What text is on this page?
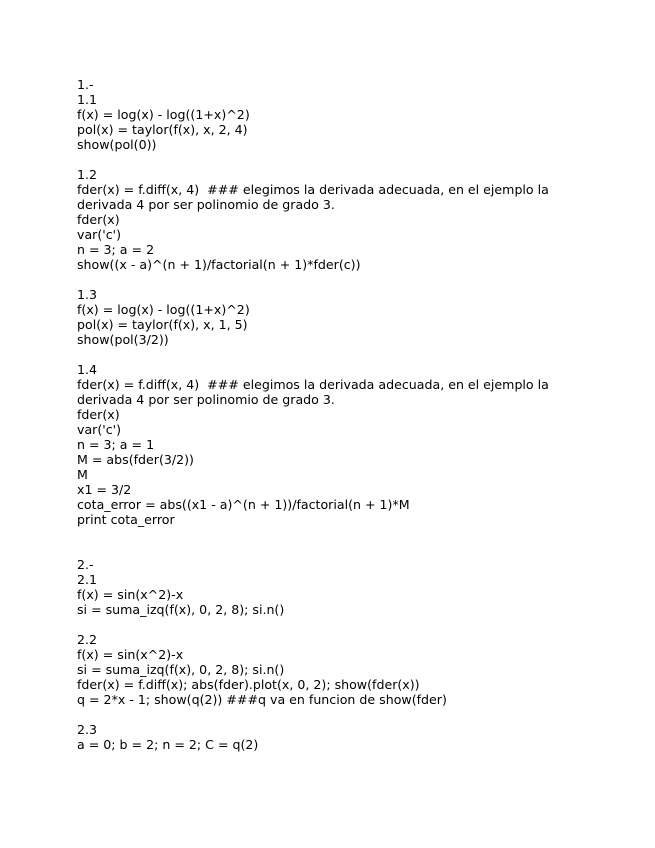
1.-
1.1
f(x) = log(x) - log((1+x)^2)
pol(x) = taylor(f(x), x, 2, 4)
show(pol(0))
1.2
fder(x) = f.diff(x, 4)  ### elegimos la derivada adecuada, en el ejemplo la derivada 4 por ser polinomio de grado 3.
fder(x)
var('c')
n = 3; a = 2
show((x - a)^(n + 1)/factorial(n + 1)*fder(c))
1.3
f(x) = log(x) - log((1+x)^2)
pol(x) = taylor(f(x), x, 1, 5)
show(pol(3/2))
1.4
fder(x) = f.diff(x, 4)  ### elegimos la derivada adecuada, en el ejemplo la derivada 4 por ser polinomio de grado 3.
fder(x)
var('c')
n = 3; a = 1
M = abs(fder(3/2))
M
x1 = 3/2
cota_error = abs((x1 - a)^(n + 1))/factorial(n + 1)*M
print cota_error
2.-
2.1
f(x) = sin(x^2)-x
si = suma_izq(f(x), 0, 2, 8); si.n()
2.2
f(x) = sin(x^2)-x
si = suma_izq(f(x), 0, 2, 8); si.n()
fder(x) = f.diff(x); abs(fder).plot(x, 0, 2); show(fder(x))
q = 2*x - 1; show(q(2)) ###q va en funcion de show(fder)
2.3
a = 0; b = 2; n = 2; C = q(2)
